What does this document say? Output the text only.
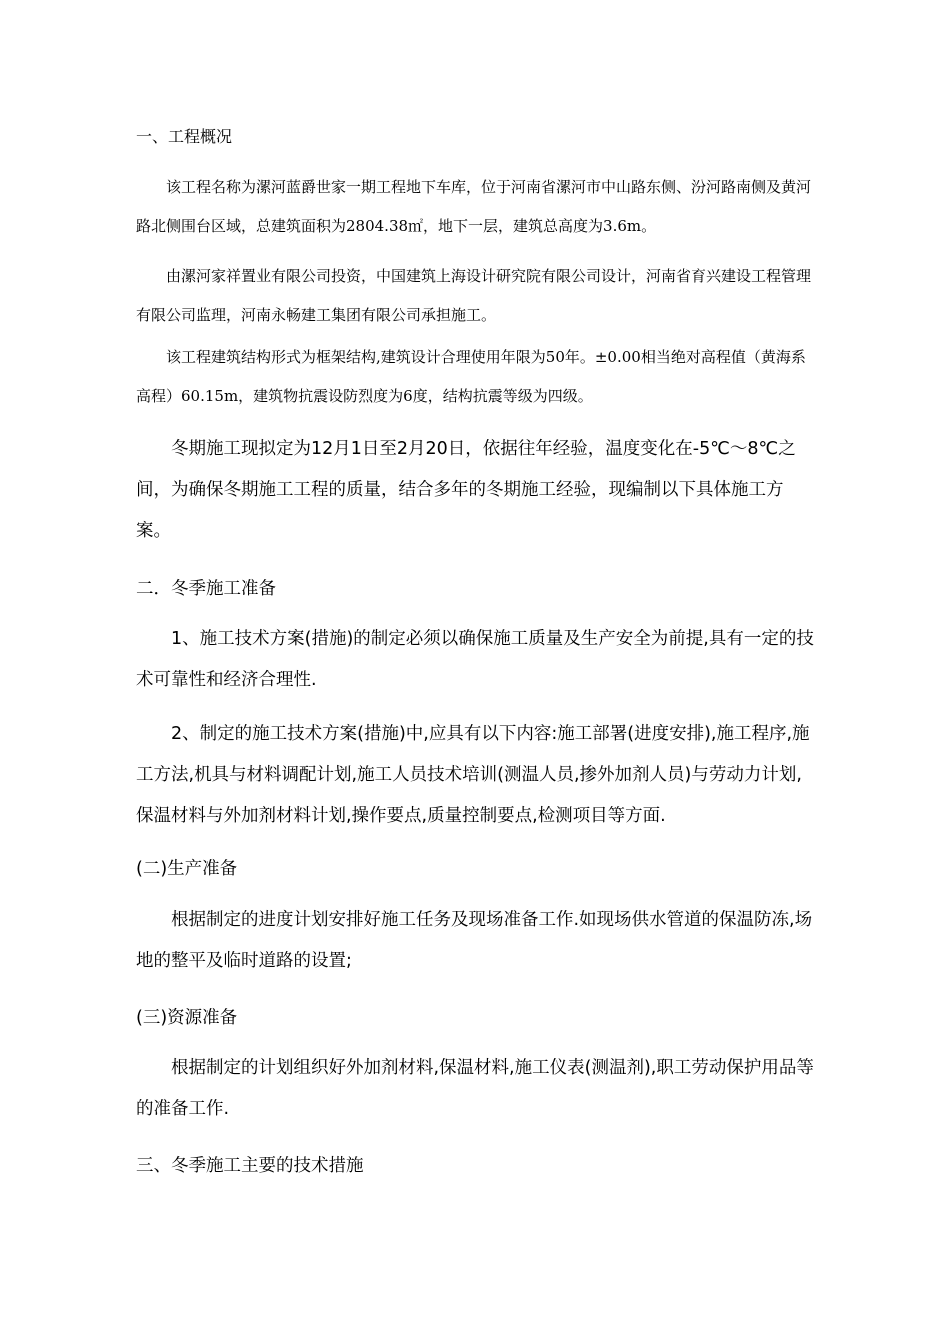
一、工程概况

该工程名称为漯河蓝爵世家一期工程地下车库，位于河南省漯河市中山路东侧、汾河路南侧及黄河路北侧围台区域，总建筑面积为2804.38㎡，地下一层，建筑总高度为3.6m。

由漯河家祥置业有限公司投资，中国建筑上海设计研究院有限公司设计，河南省育兴建设工程管理有限公司监理，河南永畅建工集团有限公司承担施工。

该工程建筑结构形式为框架结构,建筑设计合理使用年限为50年。±0.00相当绝对高程值（黄海系高程）60.15m，建筑物抗震设防烈度为6度，结构抗震等级为四级。

冬期施工现拟定为12月1日至2月20日，依据往年经验，温度变化在-5℃～8℃之间，为确保冬期施工工程的质量，结合多年的冬期施工经验，现编制以下具体施工方案。

二．冬季施工准备

1、施工技术方案(措施)的制定必须以确保施工质量及生产安全为前提,具有一定的技术可靠性和经济合理性.

2、制定的施工技术方案(措施)中,应具有以下内容:施工部署(进度安排),施工程序,施工方法,机具与材料调配计划,施工人员技术培训(测温人员,掺外加剂人员)与劳动力计划,保温材料与外加剂材料计划,操作要点,质量控制要点,检测项目等方面.

(二)生产准备

根据制定的进度计划安排好施工任务及现场准备工作.如现场供水管道的保温防冻,场地的整平及临时道路的设置;

(三)资源准备

根据制定的计划组织好外加剂材料,保温材料,施工仪表(测温剂),职工劳动保护用品等的准备工作.

三、冬季施工主要的技术措施
